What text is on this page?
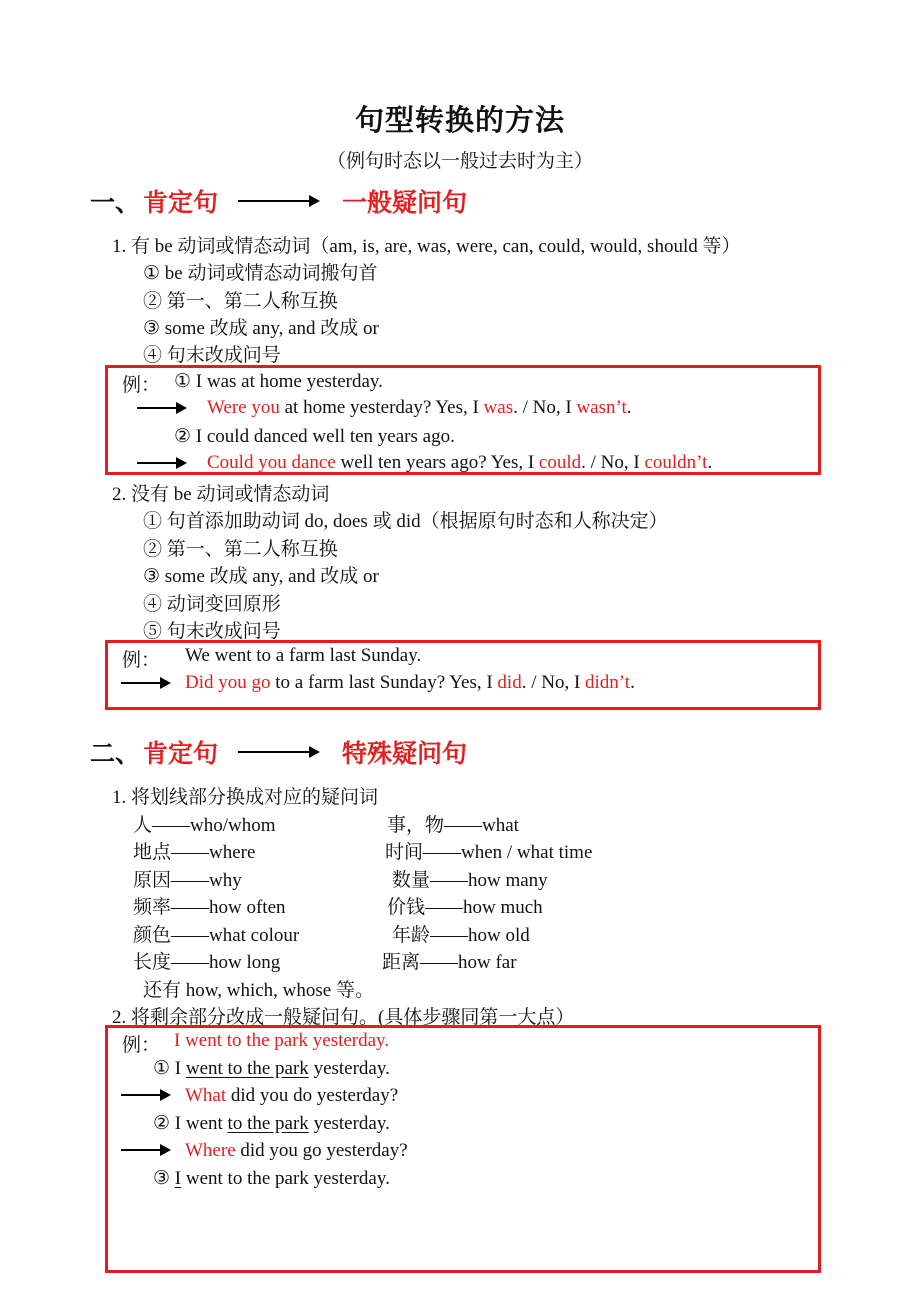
句型转换的方法
（例句时态以一般过去时为主）
一、 肯定句	一般疑问句
1. 有 be 动词或情态动词（am, is, are, was, were, can, could, would, should 等）
① be 动词或情态动词搬句首
② 第一、第二人称互换
③ some 改成 any, and 改成 or
④ 句末改成问号
例： ① I was at home yesterday.
Were you at home yesterday? Yes, I was. / No, I wasn’t.
② I could danced well ten years ago.
Could you dance well ten years ago? Yes, I could. / No, I couldn’t.
2. 没有 be 动词或情态动词
① 句首添加助动词 do, does 或 did（根据原句时态和人称决定）
② 第一、第二人称互换
③ some 改成 any, and 改成 or
④ 动词变回原形
⑤ 句末改成问号
例： We went to a farm last Sunday.
Did you go to a farm last Sunday? Yes, I did. / No, I didn’t.
二、 肯定句	特殊疑问句
1. 将划线部分换成对应的疑问词
人——who/whom
地点——where
原因——why
频率——how often
颜色——what colour
长度——how long
事，物——what
时间——when / what time
数量——how many
价钱——how much
年龄——how old
距离——how far
还有 how, which, whose 等。
2. 将剩余部分改成一般疑问句。(具体步骤同第一大点）
例： I went to the park yesterday.
① I went to the park yesterday.
What did you do yesterday?
② I went to the park yesterday.
Where did you go yesterday?
③ I went to the park yesterday.
